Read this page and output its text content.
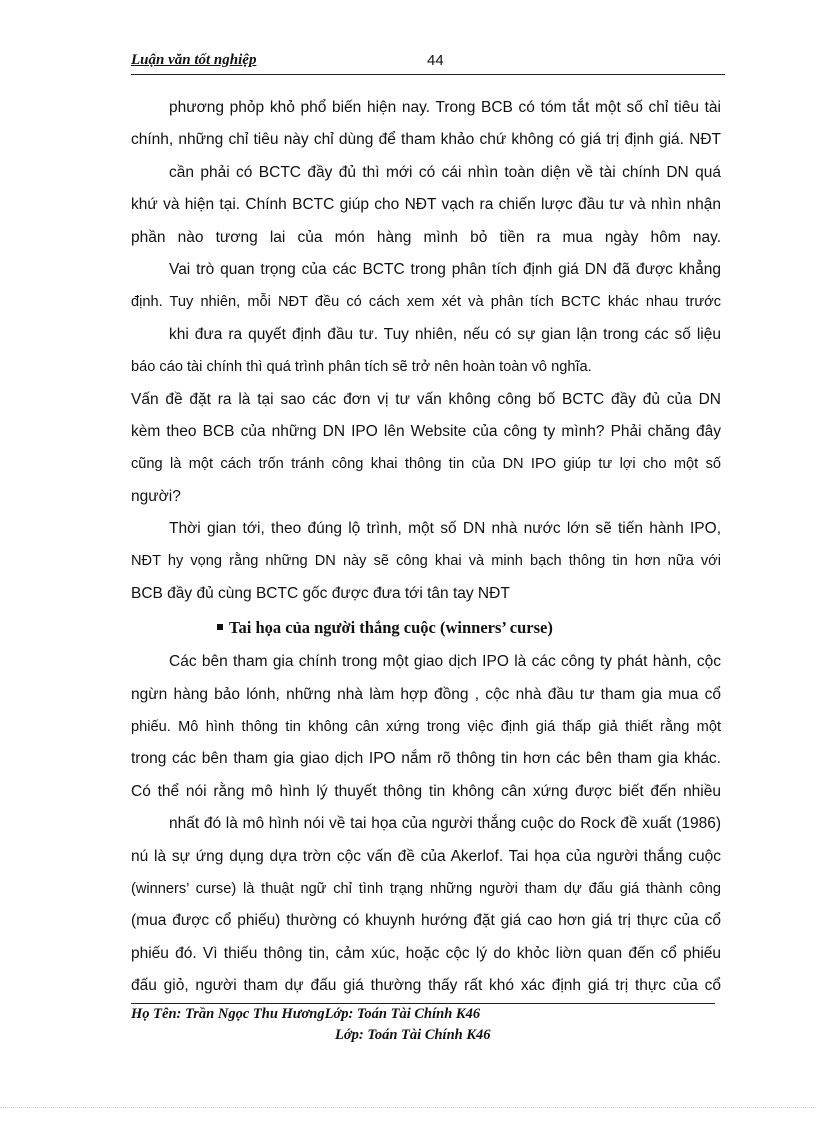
Luận văn tốt nghiệp	44
phương phỏp khỏ phổ biến hiện nay. Trong BCB có tóm tắt một số chỉ tiêu tài
chính, những chỉ tiêu này chỉ dùng để tham khảo chứ không có giá trị định giá. NĐT
cần phải có BCTC đầy đủ thì mới có cái nhìn toàn diện về tài chính DN quá
khứ và hiện tại. Chính BCTC giúp cho NĐT vạch ra chiến lược đầu tư và nhìn nhận
phần nào tương lai của món hàng mình bỏ tiền ra mua ngày hôm nay.
Vai trò quan trọng của các BCTC trong phân tích định giá DN đã được khẳng
định. Tuy nhiên, mỗi NĐT đều có cách xem xét và phân tích BCTC khác nhau trước
khi đưa ra quyết định đầu tư. Tuy nhiên, nếu có sự gian lận trong các số liệu
báo cáo tài chính thì quá trình phân tích sẽ trở nên hoàn toàn vô nghĩa.
Vấn đề đặt ra là tại sao các đơn vị tư vấn không công bố BCTC đầy đủ của DN
kèm theo BCB của những DN IPO lên Website của công ty mình? Phải chăng đây
cũng là một cách trốn tránh công khai thông tin của DN IPO giúp tư lợi cho một số
người?
Thời gian tới, theo đúng lộ trình, một số DN nhà nước lớn sẽ tiến hành IPO,
NĐT hy vọng rằng những DN này sẽ công khai và minh bạch thông tin hơn nữa với
BCB đầy đủ cùng BCTC gốc được đưa tới tân tay NĐT
Tai họa của người thắng cuộc (winners’ curse)
Các bên tham gia chính trong một giao dịch IPO là các công ty phát hành, cộc
ngừn hàng bảo lónh, những nhà làm hợp đồng , cộc nhà đầu tư tham gia mua cổ
phiếu. Mô hình thông tin không cân xứng trong việc định giá thấp giả thiết rằng một
trong các bên tham gia giao dịch IPO nắm rõ thông tin hơn các bên tham gia khác.
Có thể nói rằng mô hình lý thuyết thông tin không cân xứng được biết đến nhiều
nhất đó là mô hình nói về tai họa của người thắng cuộc do Rock đề xuất (1986)
nú là sự ứng dụng dựa trờn cộc vấn đề của Akerlof. Tai họa của người thắng cuộc
(winners’ curse) là thuật ngữ chỉ tình trạng những người tham dự đấu giá thành công
(mua được cổ phiếu) thường có khuynh hướng đặt giá cao hơn giá trị thực của cổ
phiếu đó. Vì thiếu thông tin, cảm xúc, hoặc cộc lý do khỏc liờn quan đến cổ phiếu
đấu giỏ, người tham dự đấu giá thường thấy rất khó xác định giá trị thực của cổ
Họ Tên: Trần Ngọc Thu HươngLớp: Toán Tài Chính K46
Lớp: Toán Tài Chính K46
